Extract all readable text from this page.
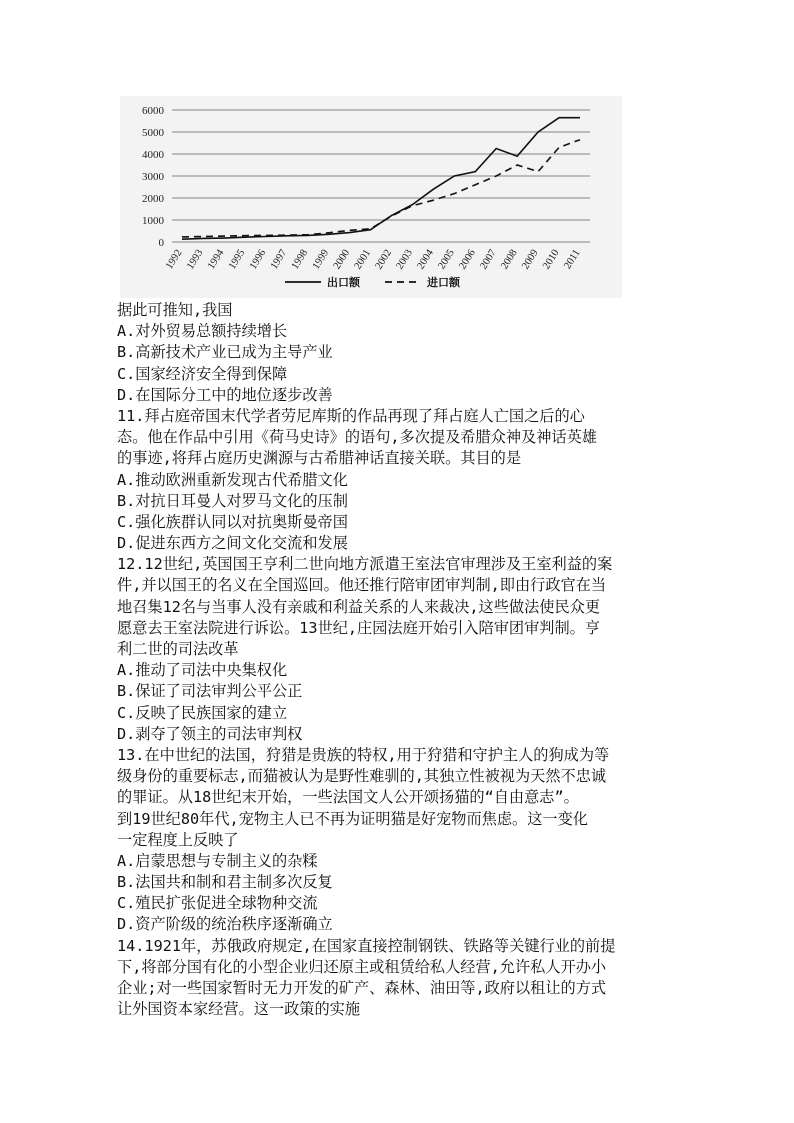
6000
5000
4000
3000
2000
1000
0
1992 1993 1994 1995 1996 1997 1998 1999 2000 2001 2002 2003 2004 2005 2006 2007 2008 2009 2010 2011
出口额	进口额
据此可推知,我国
A.对外贸易总额持续增长
B.高新技术产业已成为主导产业
C.国家经济安全得到保障
D.在国际分工中的地位逐步改善
11.拜占庭帝国末代学者劳尼库斯的作品再现了拜占庭人亡国之后的心
态。他在作品中引用《荷马史诗》的语句,多次提及希腊众神及神话英雄
的事迹,将拜占庭历史渊源与古希腊神话直接关联。其目的是
A.推动欧洲重新发现古代希腊文化
B.对抗日耳曼人对罗马文化的压制
C.强化族群认同以对抗奥斯曼帝国
D.促进东西方之间文化交流和发展
12.12世纪,英国国王亨利二世向地方派遣王室法官审理涉及王室利益的案
件,并以国王的名义在全国巡回。他还推行陪审团审判制,即由行政官在当
地召集12名与当事人没有亲戚和利益关系的人来裁决,这些做法使民众更
愿意去王室法院进行诉讼。13世纪,庄园法庭开始引入陪审团审判制。亨
利二世的司法改革
A.推动了司法中央集权化
B.保证了司法审判公平公正
C.反映了民族国家的建立
D.剥夺了领主的司法审判权
13.在中世纪的法国，狩猎是贵族的特权,用于狩猎和守护主人的狗成为等
级身份的重要标志,而猫被认为是野性难驯的,其独立性被视为天然不忠诚
的罪证。从18世纪末开始，一些法国文人公开颂扬猫的“自由意志”。
到19世纪80年代,宠物主人已不再为证明猫是好宠物而焦虑。这一变化
一定程度上反映了
A.启蒙思想与专制主义的杂糅
B.法国共和制和君主制多次反复
C.殖民扩张促进全球物种交流
D.资产阶级的统治秩序逐渐确立
14.1921年，苏俄政府规定,在国家直接控制钢铁、铁路等关键行业的前提
下,将部分国有化的小型企业归还原主或租赁给私人经营,允许私人开办小
企业;对一些国家暂时无力开发的矿产、森林、油田等,政府以租让的方式
让外国资本家经营。这一政策的实施
